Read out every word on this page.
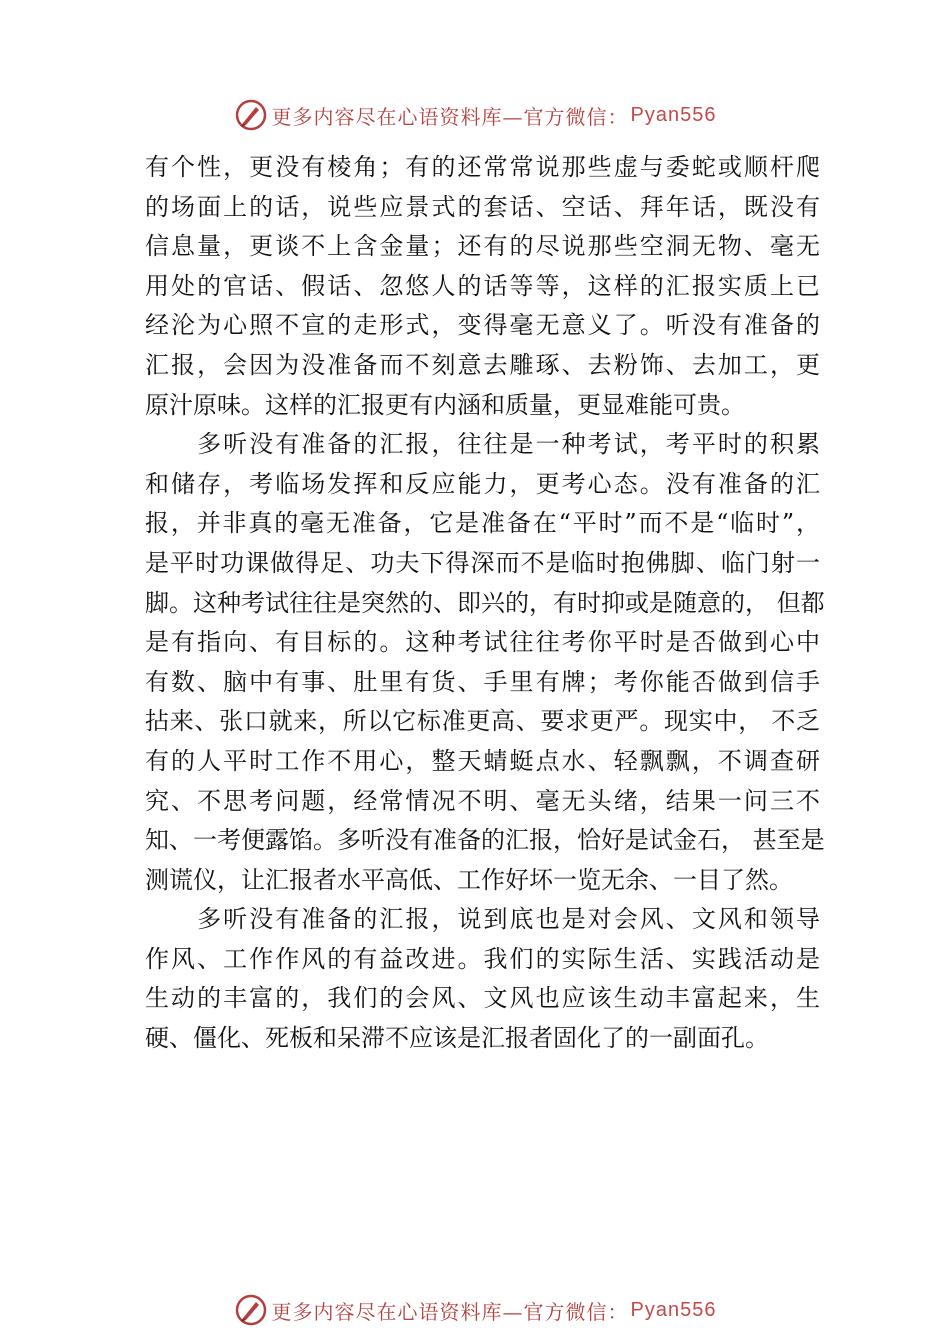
更多内容尽在心语资料库—官方微信： Pyan556
有个性，更没有棱角；有的还常常说那些虚与委蛇或顺杆爬
的场面上的话，说些应景式的套话、空话、拜年话，既没有
信息量，更谈不上含金量；还有的尽说那些空洞无物、毫无
用处的官话、假话、忽悠人的话等等，这样的汇报实质上已
经沦为心照不宣的走形式，变得毫无意义了。听没有准备的
汇报，会因为没准备而不刻意去雕琢、去粉饰、去加工，更
原汁原味。这样的汇报更有内涵和质量，更显难能可贵。
　　多听没有准备的汇报，往往是一种考试，考平时的积累
和储存，考临场发挥和反应能力，更考心态。没有准备的汇
报，并非真的毫无准备，它是准备在“平时”而不是“临时”，
是平时功课做得足、功夫下得深而不是临时抱佛脚、临门射一
脚。这种考试往往是突然的、即兴的，有时抑或是随意的， 但都
是有指向、有目标的。这种考试往往考你平时是否做到心中
有数、脑中有事、肚里有货、手里有牌；考你能否做到信手
拈来、张口就来，所以它标准更高、要求更严。现实中， 不乏
有的人平时工作不用心，整天蜻蜓点水、轻飘飘，不调查研
究、不思考问题，经常情况不明、毫无头绪，结果一问三不
知、一考便露馅。多听没有准备的汇报，恰好是试金石， 甚至是
测谎仪，让汇报者水平高低、工作好坏一览无余、一目了然。
　　多听没有准备的汇报，说到底也是对会风、文风和领导
作风、工作作风的有益改进。我们的实际生活、实践活动是
生动的丰富的，我们的会风、文风也应该生动丰富起来，生
硬、僵化、死板和呆滞不应该是汇报者固化了的一副面孔。
更多内容尽在心语资料库—官方微信： Pyan556
